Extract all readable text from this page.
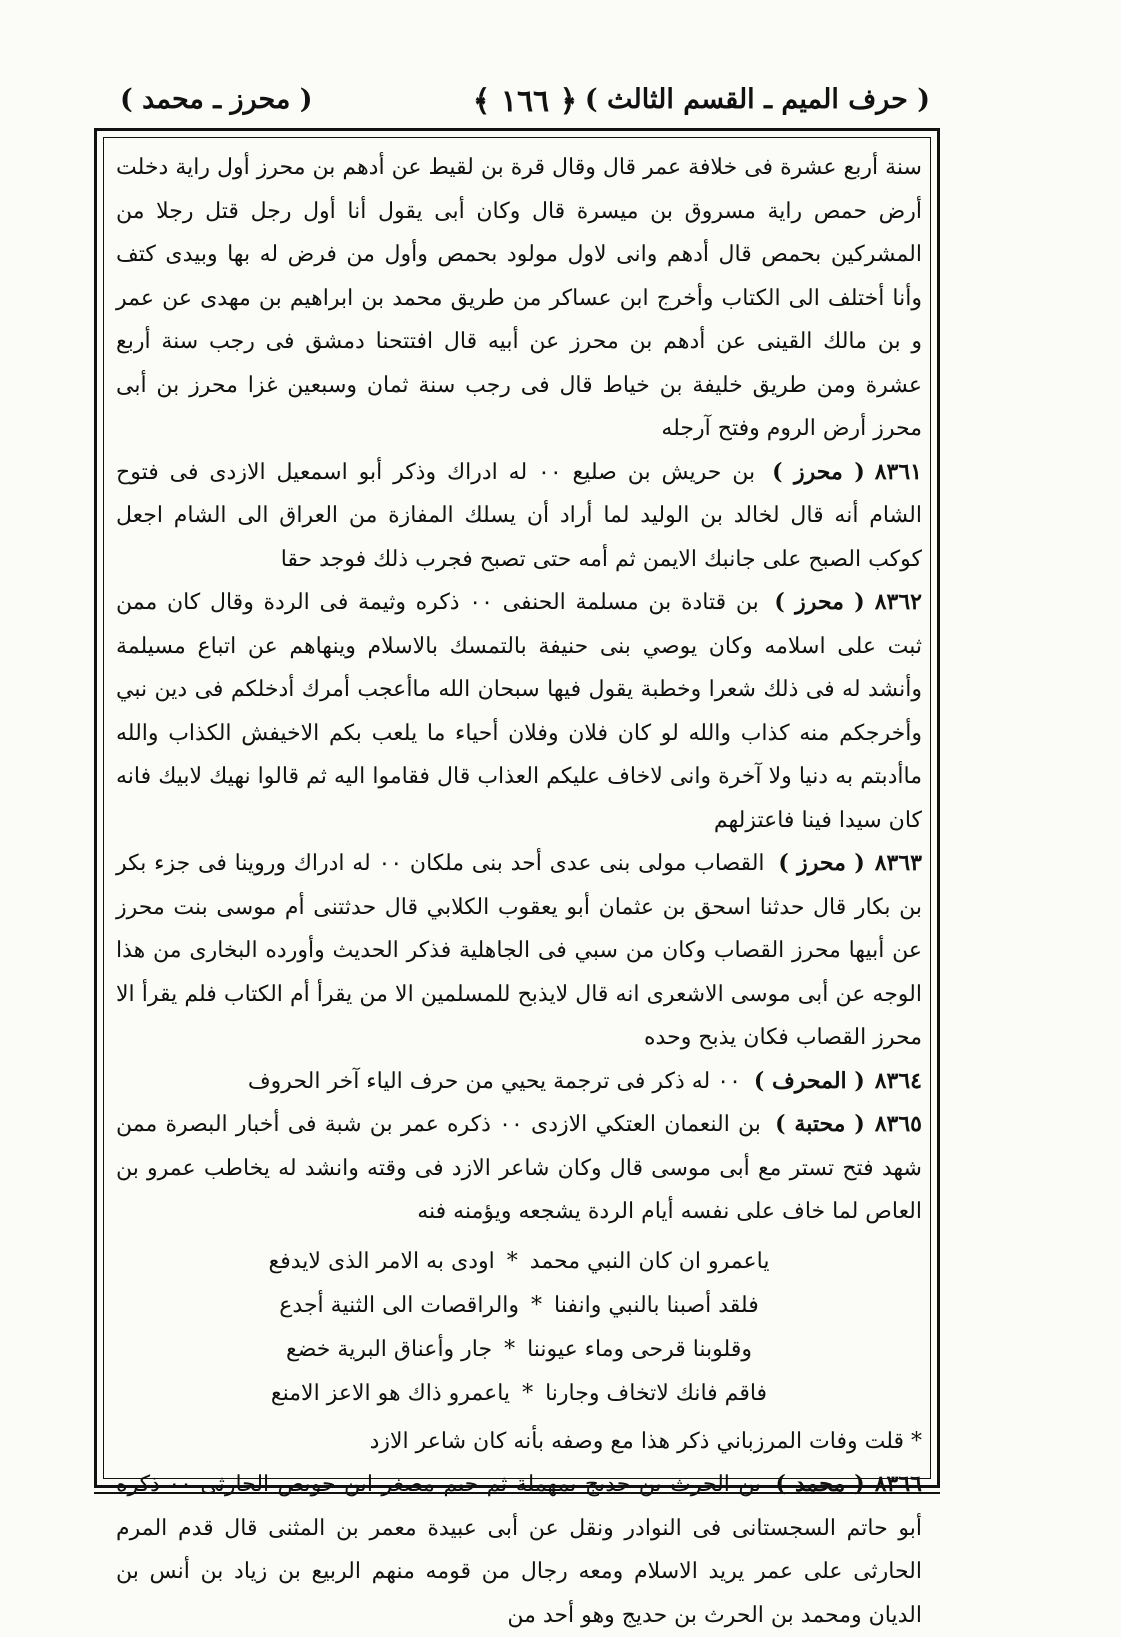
( حرف الميم ـ القسم الثالث )
﴿ ١٦٦ ﴾
( محرز ـ محمد )

سنة أربع عشرة فى خلافة عمر قال وقال قرة بن لقيط عن أدهم بن محرز أول راية دخلت أرض حمص راية مسروق بن ميسرة قال وكان أبى يقول أنا أول رجل قتل رجلا من المشركين بحمص قال أدهم وانى لاول مولود بحمص وأول من فرض له بها وبيدى كتف وأنا أختلف الى الكتاب وأخرج ابن عساكر من طريق محمد بن ابراهيم بن مهدى عن عمر و بن مالك القينى عن أدهم بن محرز عن أبيه قال افتتحنا دمشق فى رجب سنة أربع عشرة ومن طريق خليفة بن خياط قال فى رجب سنة ثمان وسبعين غزا محرز بن أبى محرز أرض الروم وفتح آرجله

٨٣٦١( محرز ) بن حريش بن صليع ٠٠ له ادراك وذكر أبو اسمعيل الازدى فى فتوح الشام أنه قال لخالد بن الوليد لما أراد أن يسلك المفازة من العراق الى الشام اجعل كوكب الصبح على جانبك الايمن ثم أمه حتى تصبح فجرب ذلك فوجد حقا

٨٣٦٢( محرز ) بن قتادة بن مسلمة الحنفى ٠٠ ذكره وثيمة فى الردة وقال كان ممن ثبت على اسلامه وكان يوصي بنى حنيفة بالتمسك بالاسلام وينهاهم عن اتباع مسيلمة وأنشد له فى ذلك شعرا وخطبة يقول فيها سبحان الله ماأعجب أمرك أدخلكم فى دين نبي وأخرجكم منه كذاب والله لو كان فلان وفلان أحياء ما يلعب بكم الاخيفش الكذاب والله ماأدبتم به دنيا ولا آخرة وانى لاخاف عليكم العذاب قال فقاموا اليه ثم قالوا نهيك لابيك فانه كان سيدا فينا فاعتزلهم

٨٣٦٣( محرز ) القصاب مولى بنى عدى أحد بنى ملكان ٠٠ له ادراك وروينا فى جزء بكر بن بكار قال حدثنا اسحق بن عثمان أبو يعقوب الكلابي قال حدثتنى أم موسى بنت محرز عن أبيها محرز القصاب وكان من سبي فى الجاهلية فذكر الحديث وأورده البخارى من هذا الوجه عن أبى موسى الاشعرى انه قال لايذبح للمسلمين الا من يقرأ أم الكتاب فلم يقرأ الا محرز القصاب فكان يذبح وحده

٨٣٦٤( المحرف ) ٠٠ له ذكر فى ترجمة يحيي من حرف الياء آخر الحروف

٨٣٦٥( محتبة ) بن النعمان العتكي الازدى ٠٠ ذكره عمر بن شبة فى أخبار البصرة ممن شهد فتح تستر مع أبى موسى قال وكان شاعر الازد فى وقته وانشد له يخاطب عمرو بن العاص لما خاف على نفسه أيام الردة يشجعه ويؤمنه فنه

ياعمرو ان كان النبي محمد*اودى به الامر الذى لايدفع
فلقد أصبنا بالنبي وانفنا*والراقصات الى الثنية أجدع
وقلوبنا قرحى وماء عيوننا*جار وأعناق البرية خضع
فاقم فانك لاتخاف وجارنا*ياعمرو ذاك هو الاعز الامنع

* قلت وفات المرزباني ذكر هذا مع وصفه بأنه كان شاعر الازد

٨٣٦٦( محمد ) بن الحرث بن حديج بمهملة ثم جيم مصغر ابن حويص الحارثى ٠٠ ذكره أبو حاتم السجستانى فى النوادر ونقل عن أبى عبيدة معمر بن المثنى قال قدم المرم الحارثى على عمر يريد الاسلام ومعه رجال من قومه منهم الربيع بن زياد بن أنس بن الديان ومحمد بن الحرث بن حديج وهو أحد من
